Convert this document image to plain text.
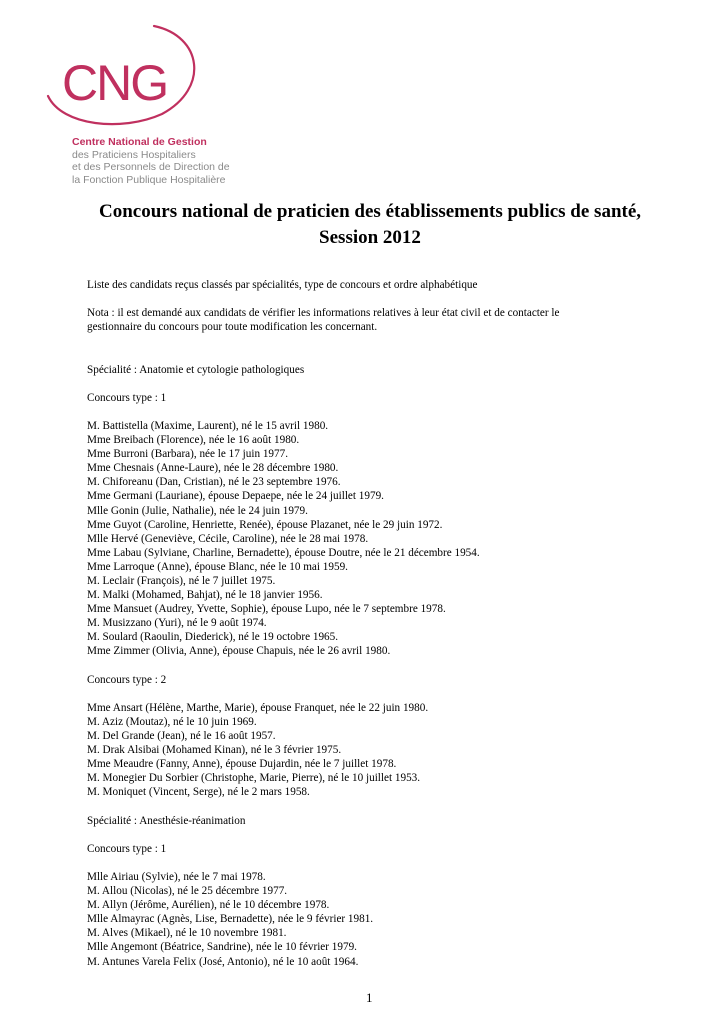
CNG
Centre National de Gestion
des Praticiens Hospitaliers
et des Personnels de Direction de
la Fonction Publique Hospitalière
Concours national de praticien des établissements publics de santé,
Session 2012

Liste des candidats reçus classés par spécialités, type de concours et ordre alphabétique

Nota : il est demandé aux candidats de vérifier les informations relatives à leur état civil et de contacter le

gestionnaire du concours pour toute modification les concernant.

Spécialité : Anatomie et cytologie pathologiques

Concours type : 1

M. Battistella (Maxime, Laurent), né le 15 avril 1980.

Mme Breibach (Florence), née le 16 août 1980.

Mme Burroni (Barbara), née le 17 juin 1977.

Mme Chesnais (Anne-Laure), née le 28 décembre 1980.

M. Chiforeanu (Dan, Cristian), né le 23 septembre 1976.

Mme Germani (Lauriane), épouse Depaepe, née le 24 juillet 1979.

Mlle Gonin (Julie, Nathalie), née le 24 juin 1979.

Mme Guyot (Caroline, Henriette, Renée), épouse Plazanet, née le 29 juin 1972.

Mlle Hervé (Geneviève, Cécile, Caroline), née le 28 mai 1978.

Mme Labau (Sylviane, Charline, Bernadette), épouse Doutre, née le 21 décembre 1954.

Mme Larroque (Anne), épouse Blanc, née le 10 mai 1959.

M. Leclair (François), né le 7 juillet 1975.

M. Malki (Mohamed, Bahjat), né le 18 janvier 1956.

Mme Mansuet (Audrey, Yvette, Sophie), épouse Lupo, née le 7 septembre 1978.

M. Musizzano (Yuri), né le 9 août 1974.

M. Soulard (Raoulin, Diederick), né le 19 octobre 1965.

Mme Zimmer (Olivia, Anne), épouse Chapuis, née le 26 avril 1980.

Concours type : 2

Mme Ansart (Hélène, Marthe, Marie), épouse Franquet, née le 22 juin 1980.

M. Aziz (Moutaz), né le 10 juin 1969.

M. Del Grande (Jean), né le 16 août 1957.

M. Drak Alsibai (Mohamed Kinan), né le 3 février 1975.

Mme Meaudre (Fanny, Anne), épouse Dujardin, née le 7 juillet 1978.

M. Monegier Du Sorbier (Christophe, Marie, Pierre), né le 10 juillet 1953.

M. Moniquet (Vincent, Serge), né le 2 mars 1958.

Spécialité : Anesthésie-réanimation

Concours type : 1

Mlle Airiau (Sylvie), née le 7 mai 1978.

M. Allou (Nicolas), né le 25 décembre 1977.

M. Allyn (Jérôme, Aurélien), né le 10 décembre 1978.

Mlle Almayrac (Agnès, Lise, Bernadette), née le 9 février 1981.

M. Alves (Mikael), né le 10 novembre 1981.

Mlle Angemont (Béatrice, Sandrine), née le 10 février 1979.

M. Antunes Varela Felix (José, Antonio), né le 10 août 1964.

1
